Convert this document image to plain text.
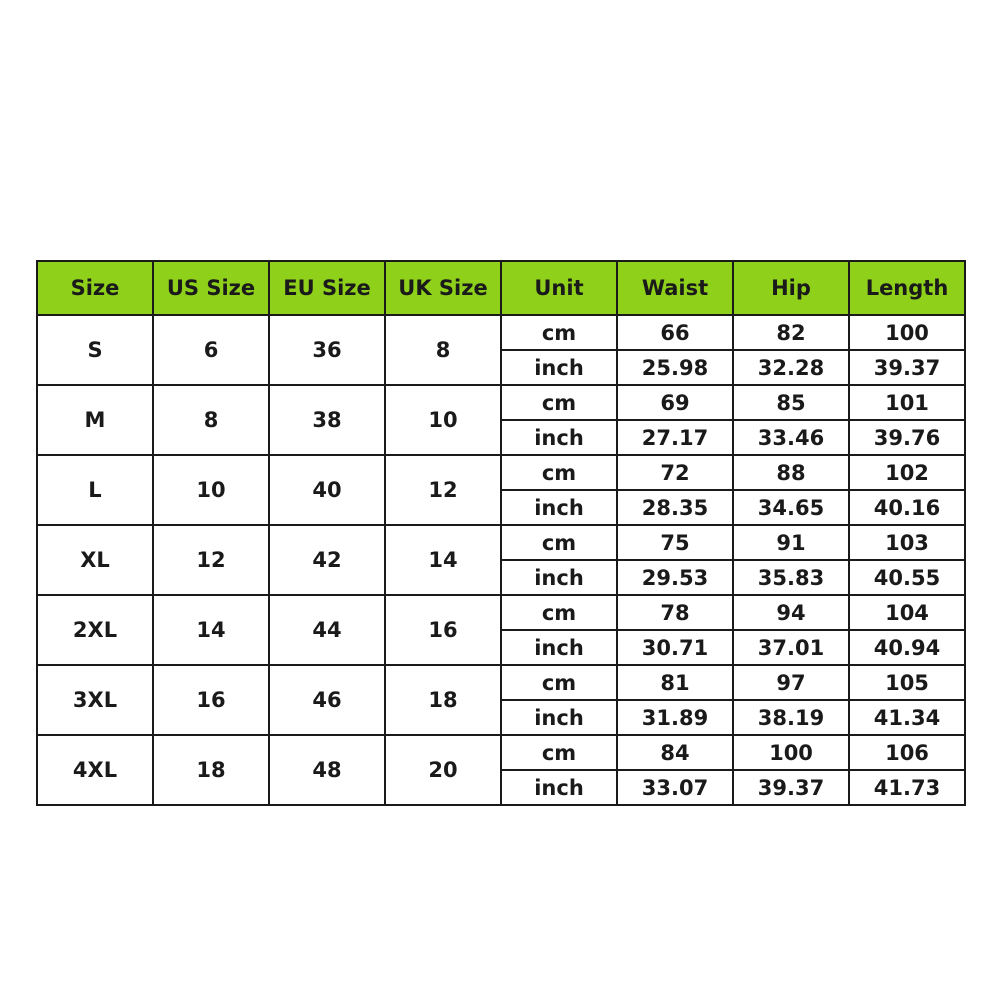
Size	US Size	EU Size	UK Size	Unit	Waist	Hip	Length
S	6	36	8	cm	66	82	100
				inch	25.98	32.28	39.37
M	8	38	10	cm	69	85	101
				inch	27.17	33.46	39.76
L	10	40	12	cm	72	88	102
				inch	28.35	34.65	40.16
XL	12	42	14	cm	75	91	103
				inch	29.53	35.83	40.55
2XL	14	44	16	cm	78	94	104
				inch	30.71	37.01	40.94
3XL	16	46	18	cm	81	97	105
				inch	31.89	38.19	41.34
4XL	18	48	20	cm	84	100	106
				inch	33.07	39.37	41.73
